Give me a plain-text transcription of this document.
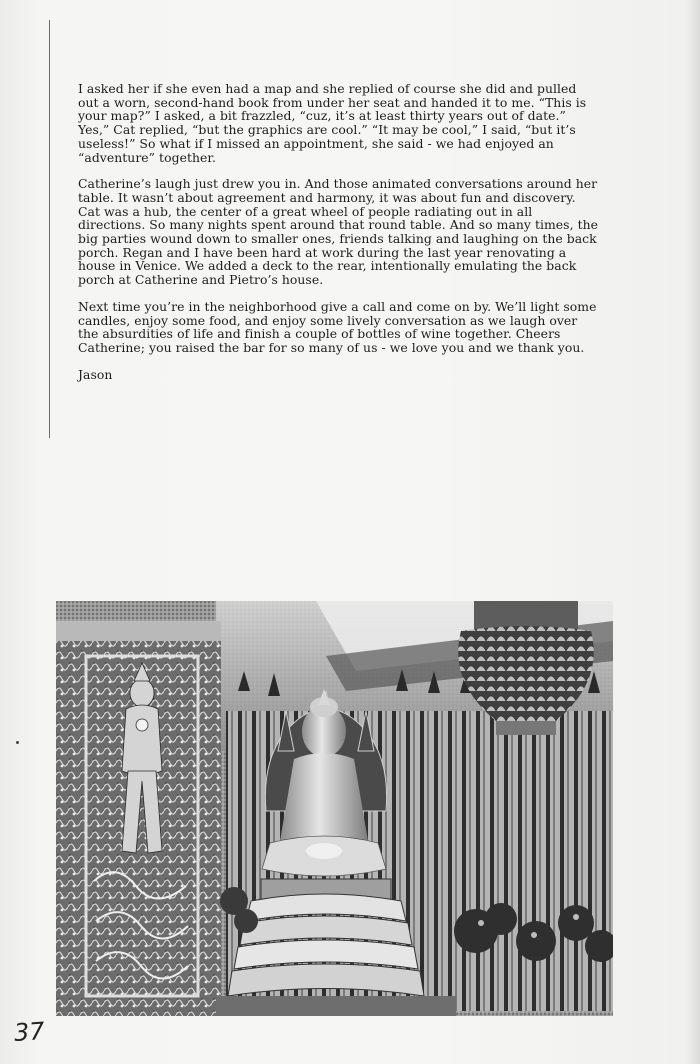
I asked her if she even had a map and she replied of course she did and pulled out a worn, second-hand book from under her seat and handed it to me. “This is your map?” I asked, a bit frazzled, “cuz, it’s at least thirty years out of date.” Yes,” Cat replied, “but the graphics are cool.” “It may be cool,” I said, “but it’s useless!” So what if I missed an appointment, she said - we had enjoyed an “adventure” together.

Catherine’s laugh just drew you in. And those animated conversations around her table. It wasn’t about agreement and harmony, it was about fun and discovery. Cat was a hub, the center of a great wheel of people radiating out in all directions. So many nights spent around that round table. And so many times, the big parties wound down to smaller ones, friends talking and laughing on the back porch. Regan and I have been hard at work during the last year renovating a house in Venice. We added a deck to the rear, intentionally emulating the back porch at Catherine and Pietro’s house.

Next time you’re in the neighborhood give a call and come on by. We’ll light some candles, enjoy some food, and enjoy some lively conversation as we laugh over the absurdities of life and finish a couple of bottles of wine together. Cheers Catherine; you raised the bar for so many of us - we love you and we thank you.

Jason

37
